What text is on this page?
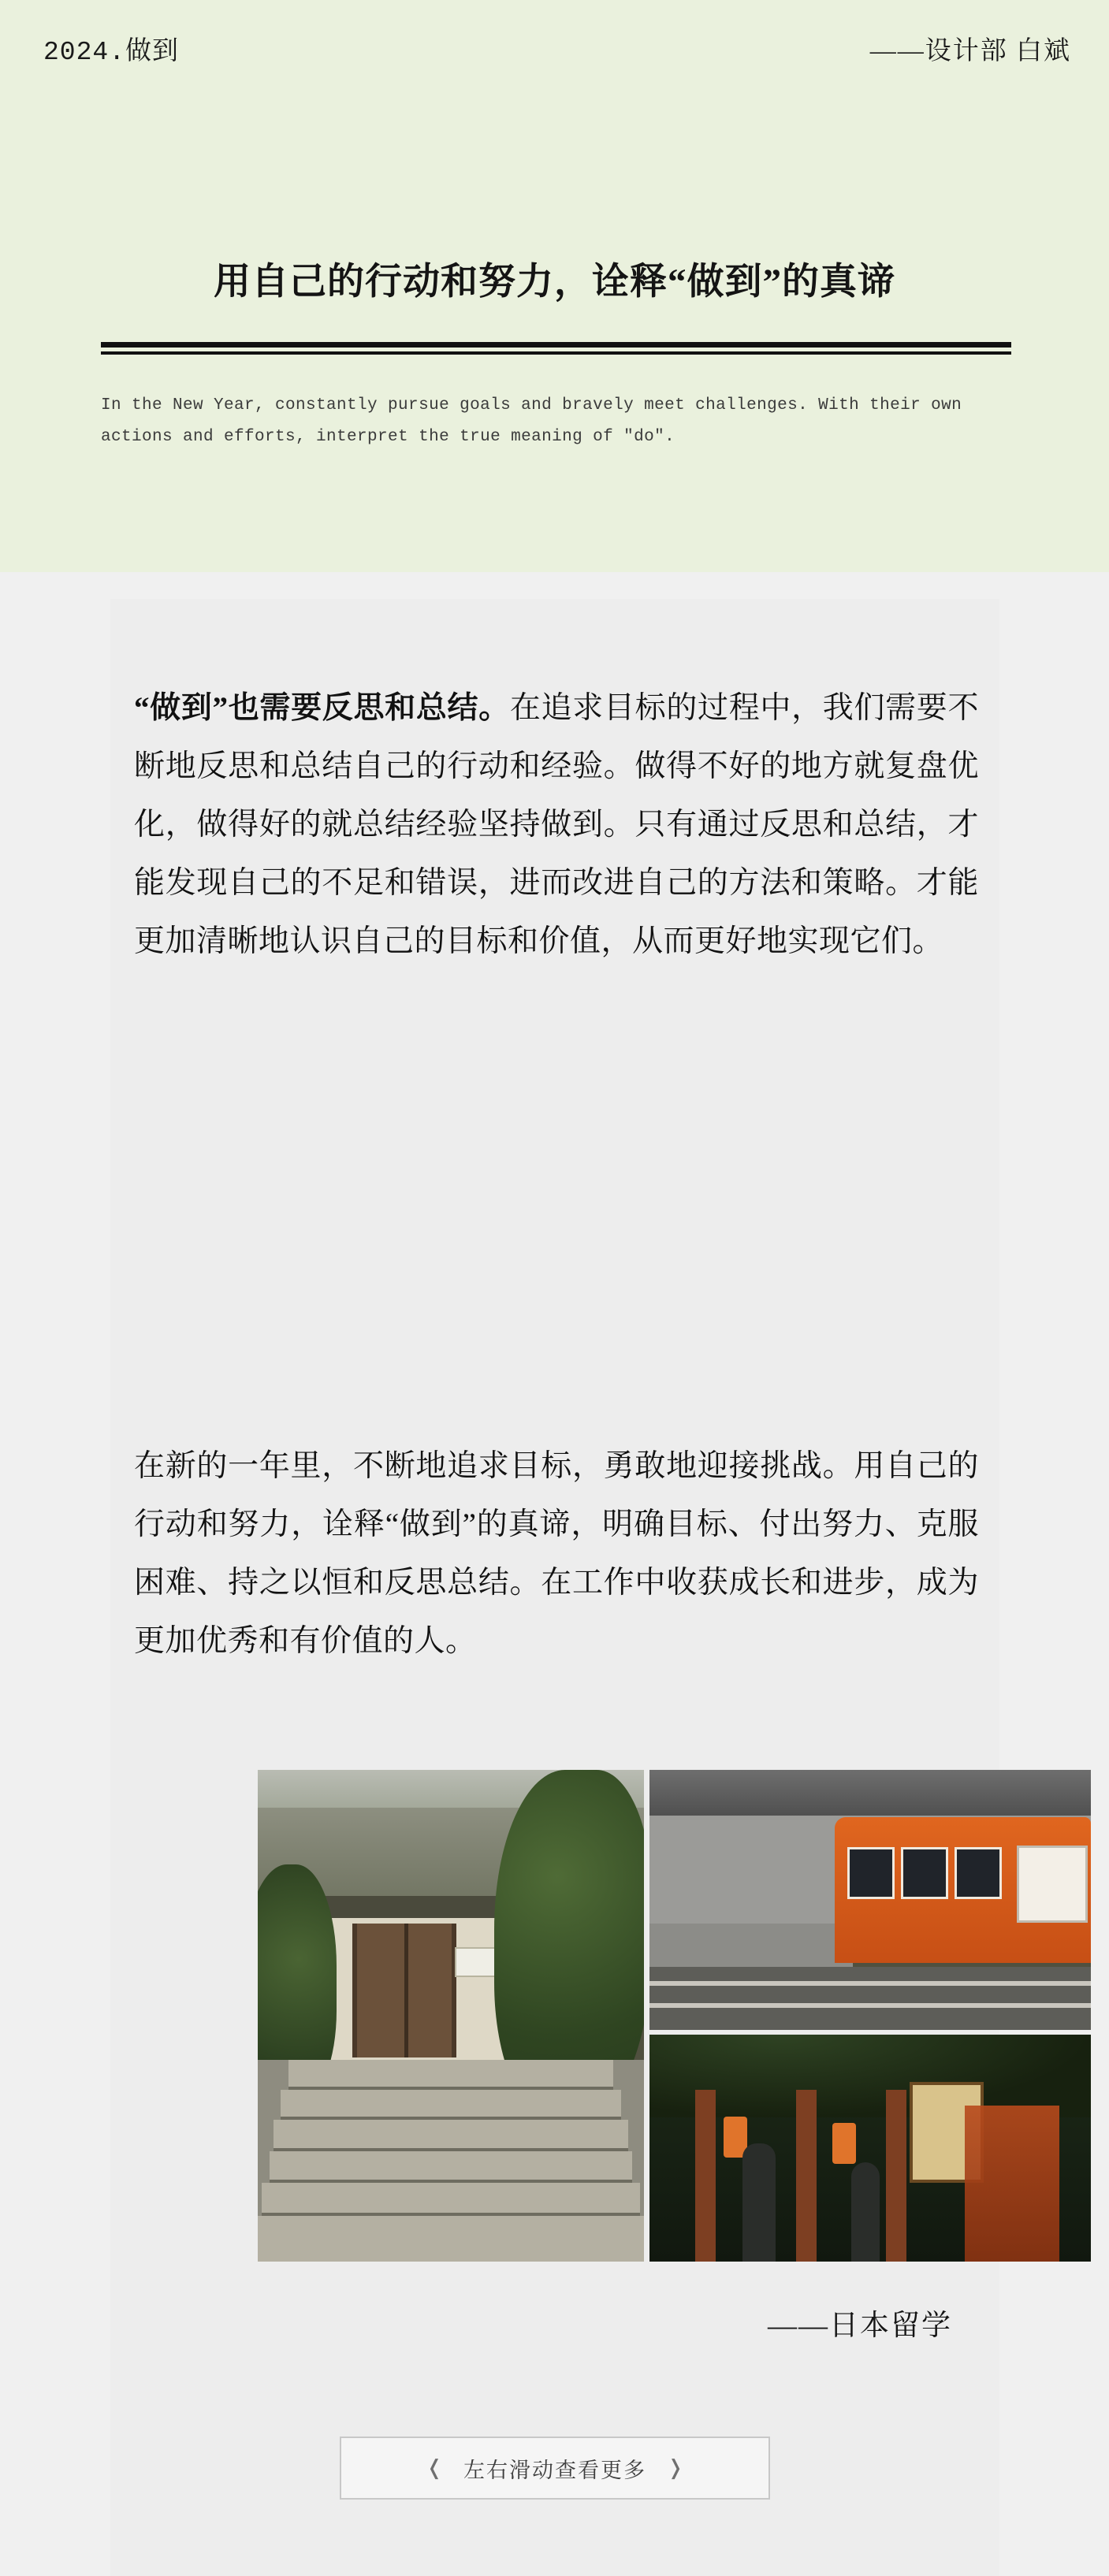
2024.做到	——设计部 白斌
用自己的行动和努力，诠释“做到”的真谛
In the New Year, constantly pursue goals and bravely meet challenges. With their own actions and efforts, interpret the true meaning of "do".

“做到”也需要反思和总结。在追求目标的过程中，我们需要不断地反思和总结自己的行动和经验。做得不好的地方就复盘优化，做得好的就总结经验坚持做到。只有通过反思和总结，才能发现自己的不足和错误，进而改进自己的方法和策略。才能更加清晰地认识自己的目标和价值，从而更好地实现它们。

在新的一年里，不断地追求目标，勇敢地迎接挑战。用自己的行动和努力，诠释“做到”的真谛，明确目标、付出努力、克服困难、持之以恒和反思总结。在工作中收获成长和进步，成为更加优秀和有价值的人。

——日本留学
❬ 左右滑动查看更多 ❭
